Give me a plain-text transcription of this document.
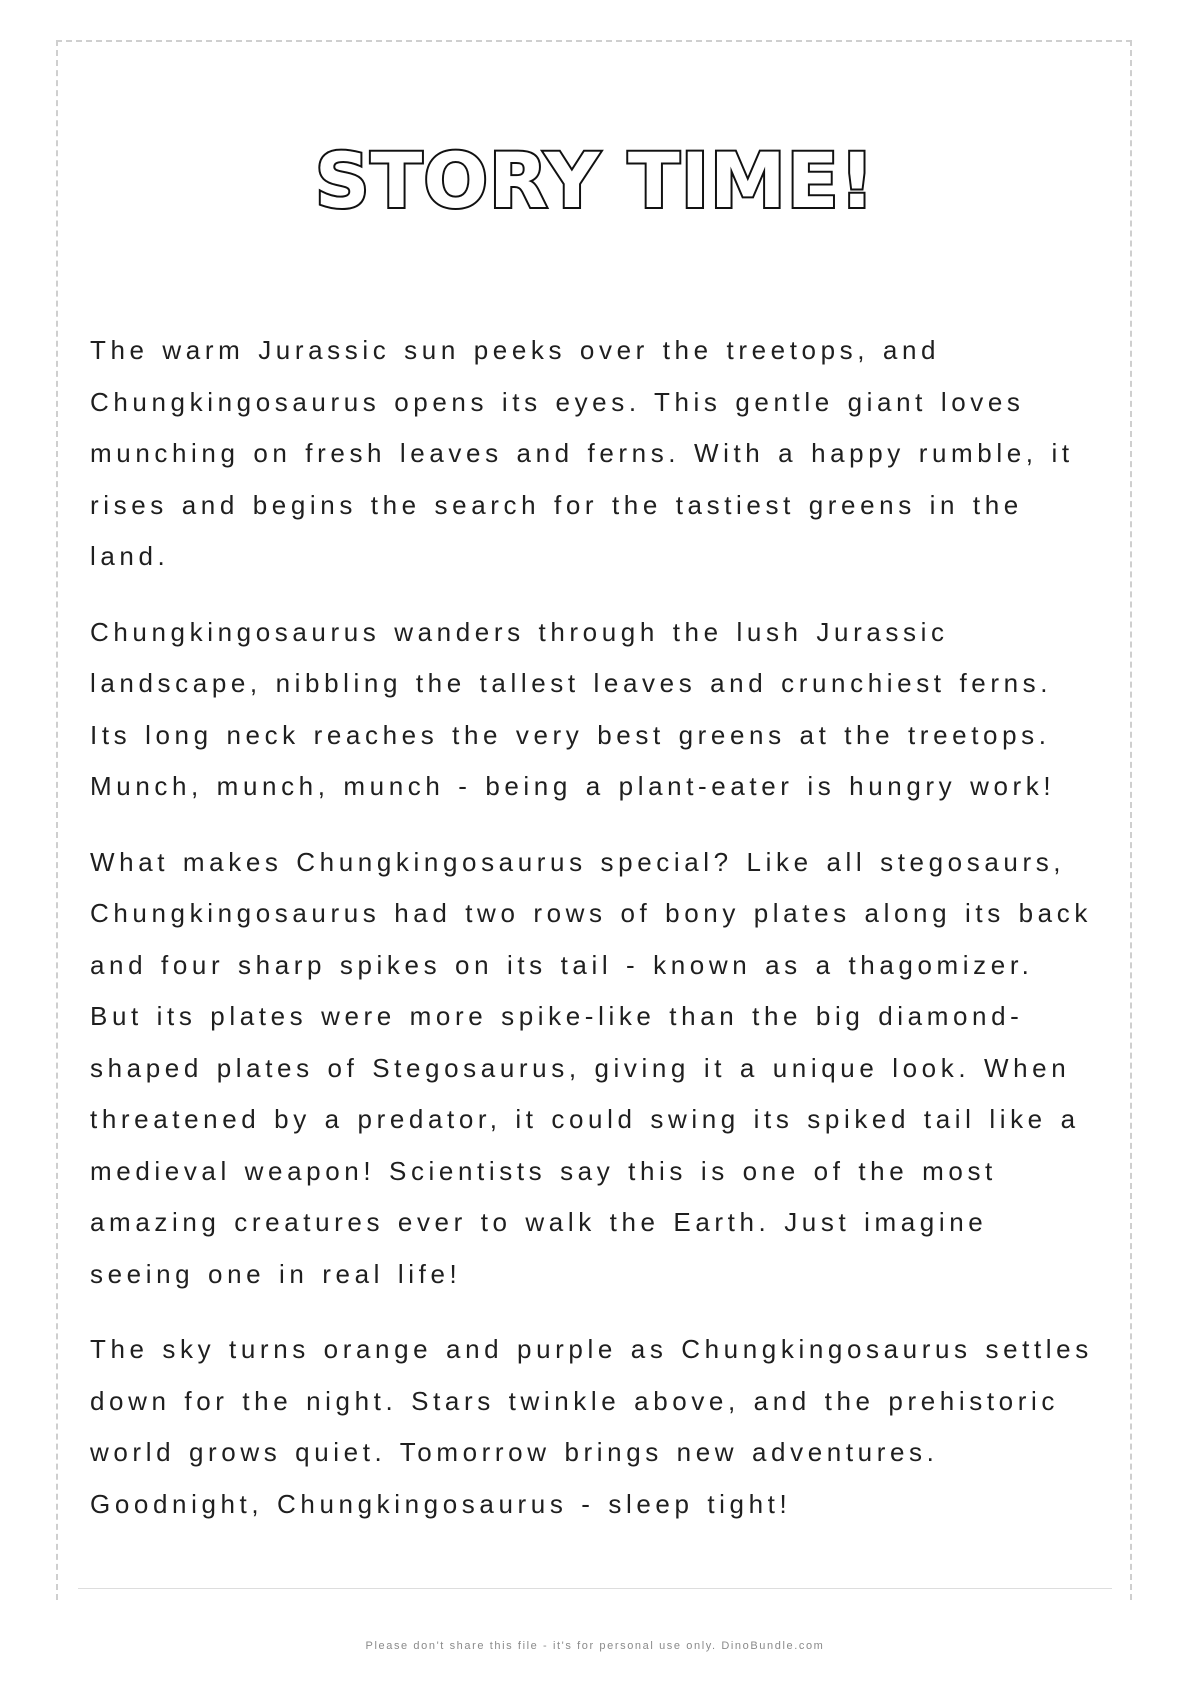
STORY TIME!

The warm Jurassic sun peeks over the treetops, and Chungkingosaurus opens its eyes. This gentle giant loves munching on fresh leaves and ferns. With a happy rumble, it rises and begins the search for the tastiest greens in the land.

Chungkingosaurus wanders through the lush Jurassic landscape, nibbling the tallest leaves and crunchiest ferns. Its long neck reaches the very best greens at the treetops. Munch, munch, munch - being a plant-eater is hungry work!

What makes Chungkingosaurus special? Like all stegosaurs, Chungkingosaurus had two rows of bony plates along its back and four sharp spikes on its tail - known as a thagomizer. But its plates were more spike-like than the big diamond-shaped plates of Stegosaurus, giving it a unique look. When threatened by a predator, it could swing its spiked tail like a medieval weapon! Scientists say this is one of the most amazing creatures ever to walk the Earth. Just imagine seeing one in real life!

The sky turns orange and purple as Chungkingosaurus settles down for the night. Stars twinkle above, and the prehistoric world grows quiet. Tomorrow brings new adventures. Goodnight, Chungkingosaurus - sleep tight!

Please don't share this file - it's for personal use only. DinoBundle.com
